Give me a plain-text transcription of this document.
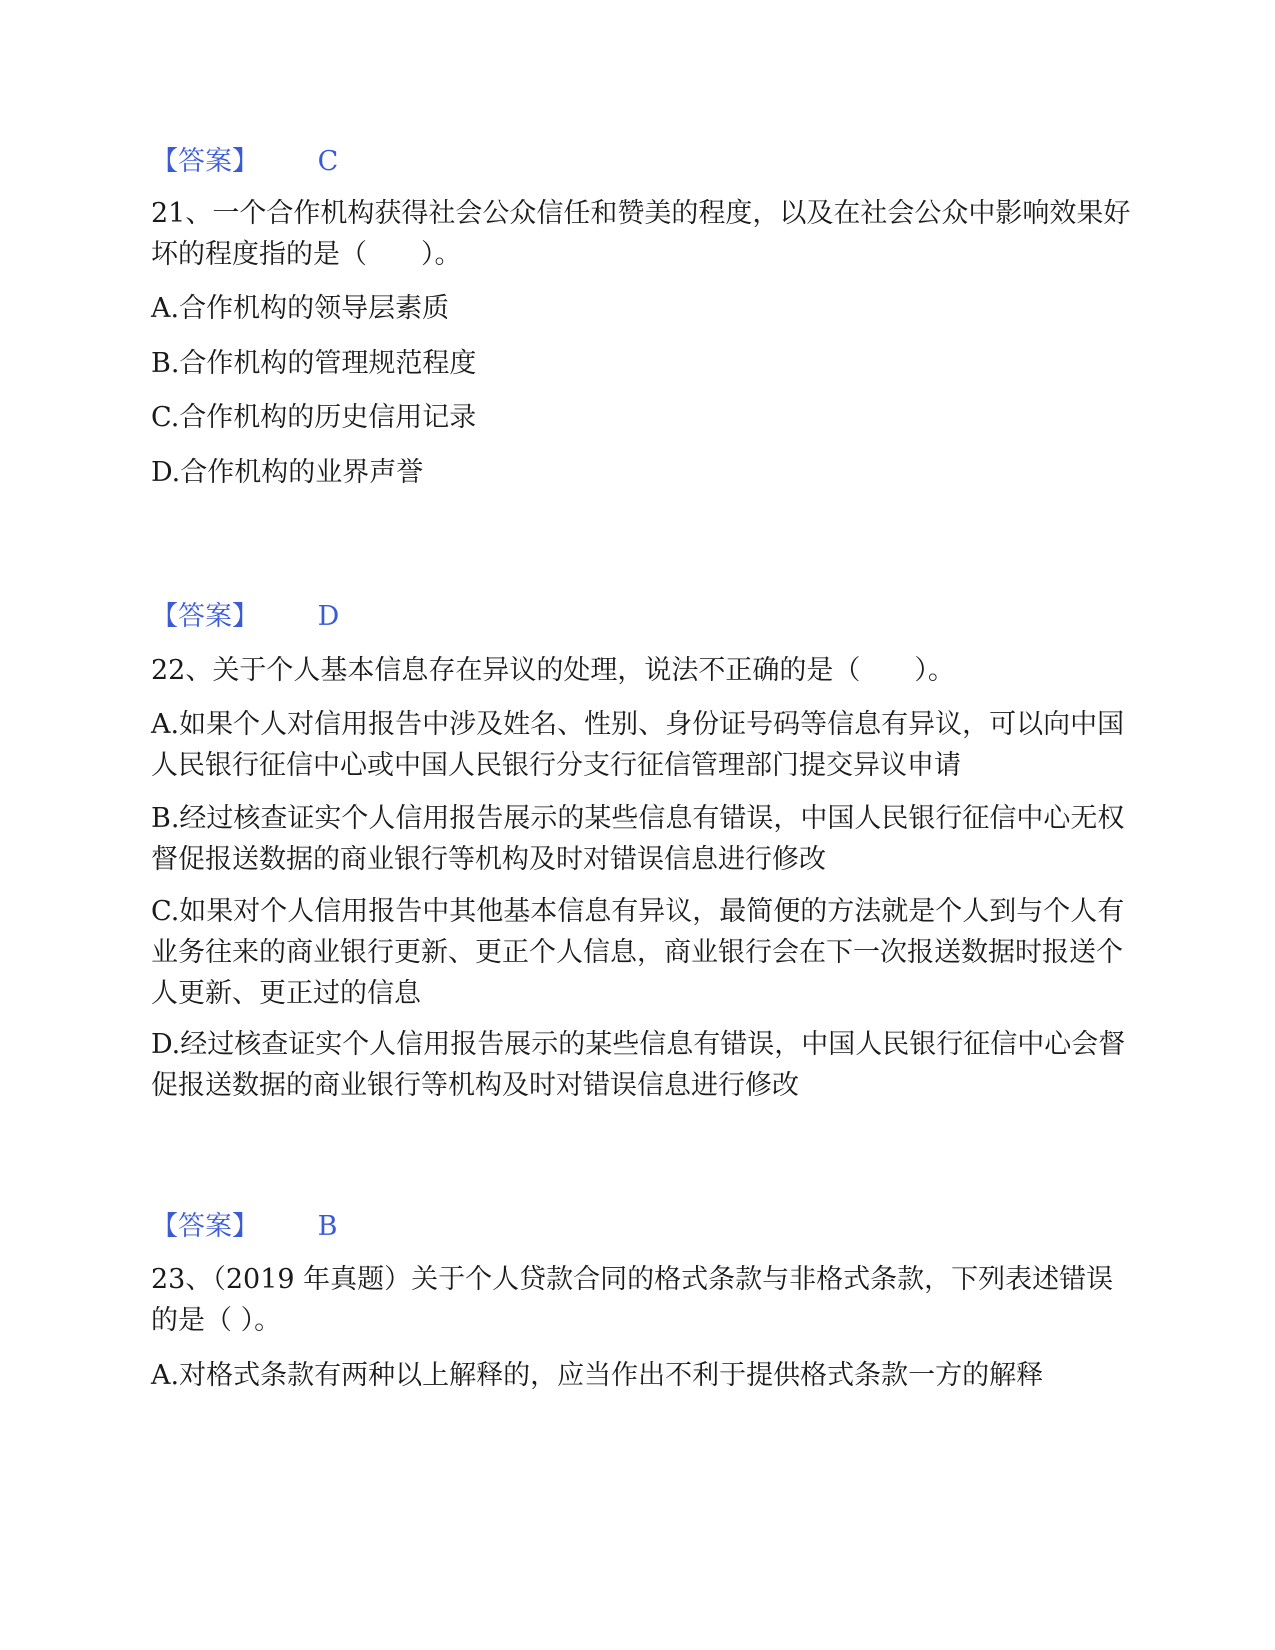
【答案】 C

21、一个合作机构获得社会公众信任和赞美的程度，以及在社会公众中影响效果好坏的程度指的是（　　）。

A.合作机构的领导层素质

B.合作机构的管理规范程度

C.合作机构的历史信用记录

D.合作机构的业界声誉

【答案】 D

22、关于个人基本信息存在异议的处理，说法不正确的是（　　）。

A.如果个人对信用报告中涉及姓名、性别、身份证号码等信息有异议，可以向中国人民银行征信中心或中国人民银行分支行征信管理部门提交异议申请

B.经过核查证实个人信用报告展示的某些信息有错误，中国人民银行征信中心无权督促报送数据的商业银行等机构及时对错误信息进行修改

C.如果对个人信用报告中其他基本信息有异议，最简便的方法就是个人到与个人有业务往来的商业银行更新、更正个人信息，商业银行会在下一次报送数据时报送个人更新、更正过的信息

D.经过核查证实个人信用报告展示的某些信息有错误，中国人民银行征信中心会督促报送数据的商业银行等机构及时对错误信息进行修改

【答案】 B

23、（2019 年真题）关于个人贷款合同的格式条款与非格式条款，下列表述错误的是（ ）。

A.对格式条款有两种以上解释的，应当作出不利于提供格式条款一方的解释
